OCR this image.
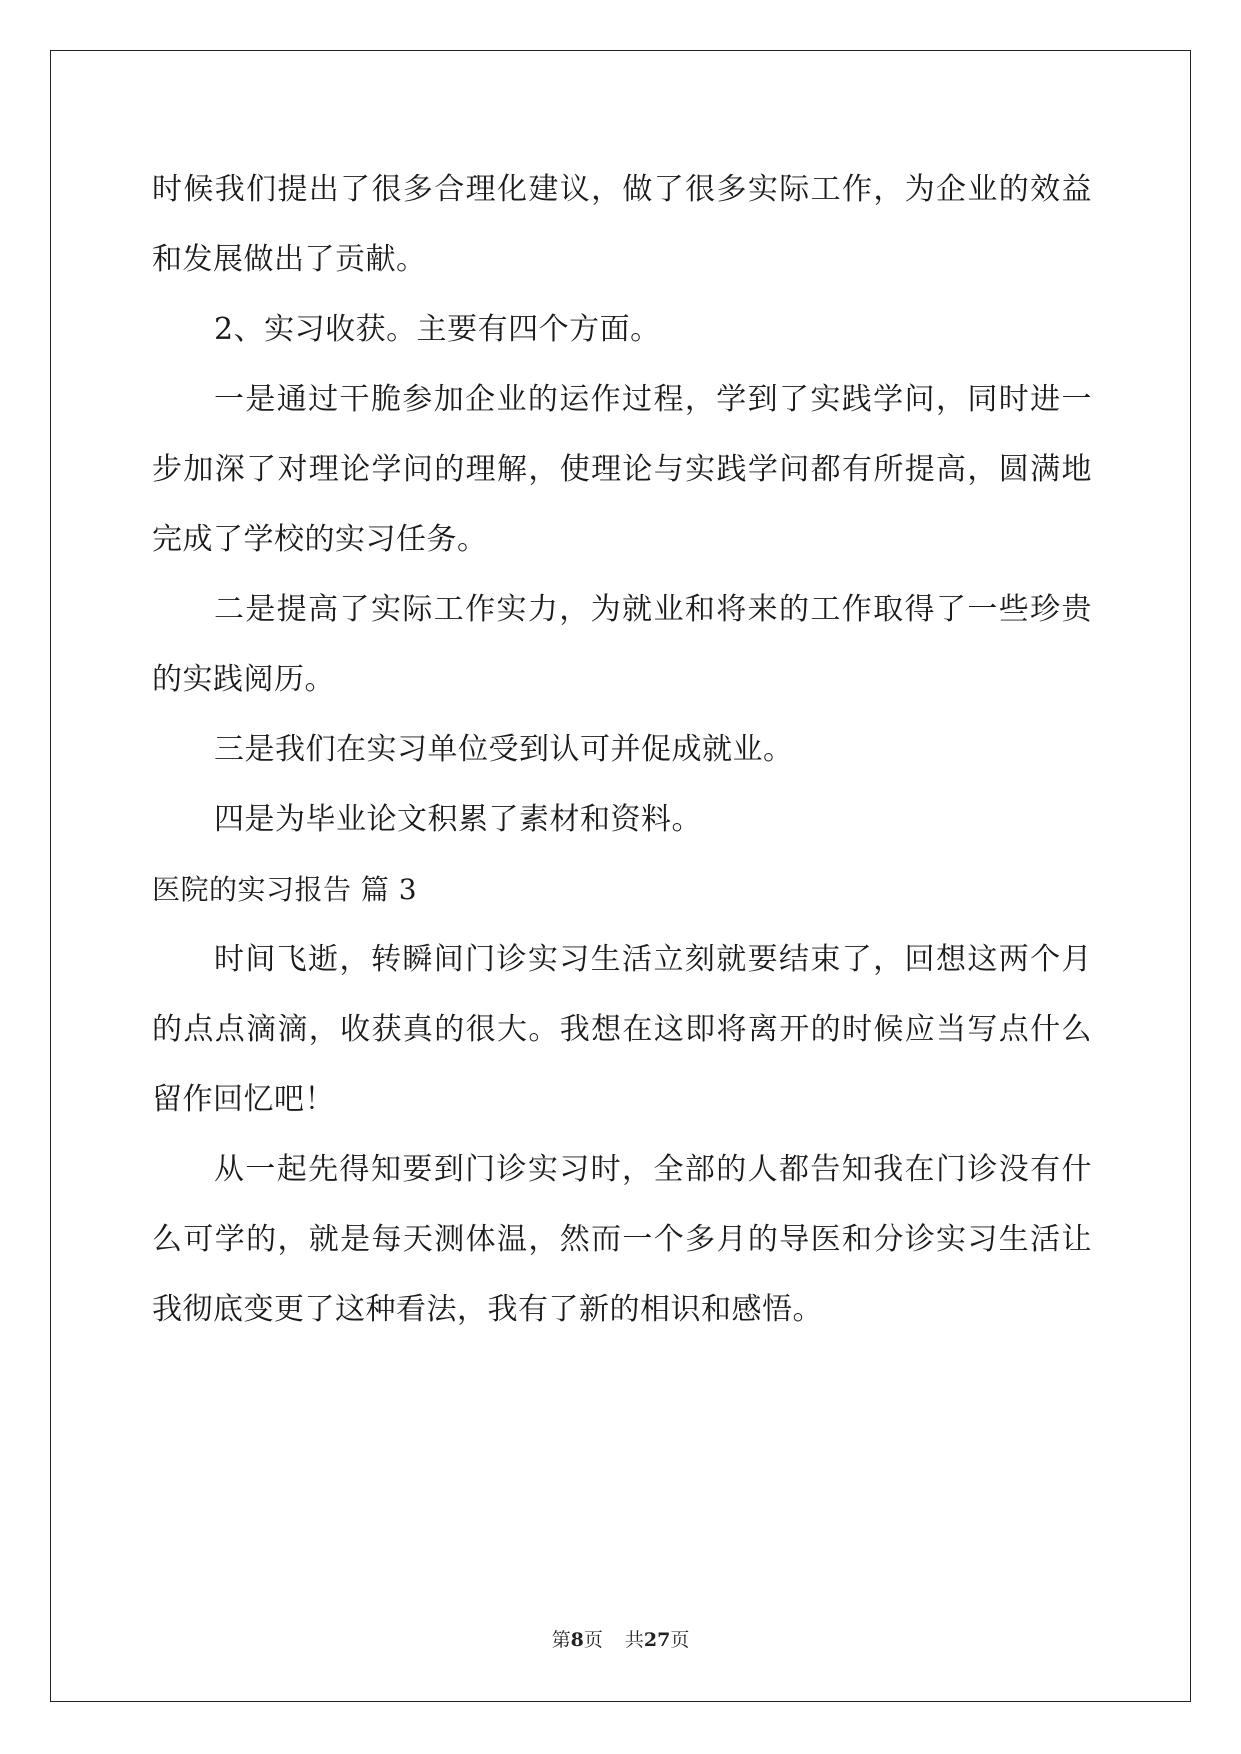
时候我们提出了很多合理化建议，做了很多实际工作，为企业的效益
和发展做出了贡献。
2、实习收获。主要有四个方面。
一是通过干脆参加企业的运作过程，学到了实践学问，同时进一
步加深了对理论学问的理解，使理论与实践学问都有所提高，圆满地
完成了学校的实习任务。
二是提高了实际工作实力，为就业和将来的工作取得了一些珍贵
的实践阅历。
三是我们在实习单位受到认可并促成就业。
四是为毕业论文积累了素材和资料。
医院的实习报告 篇 3
时间飞逝，转瞬间门诊实习生活立刻就要结束了，回想这两个月
的点点滴滴，收获真的很大。我想在这即将离开的时候应当写点什么
留作回忆吧！
从一起先得知要到门诊实习时，全部的人都告知我在门诊没有什
么可学的，就是每天测体温，然而一个多月的导医和分诊实习生活让
我彻底变更了这种看法，我有了新的相识和感悟。
第8页 共27页
